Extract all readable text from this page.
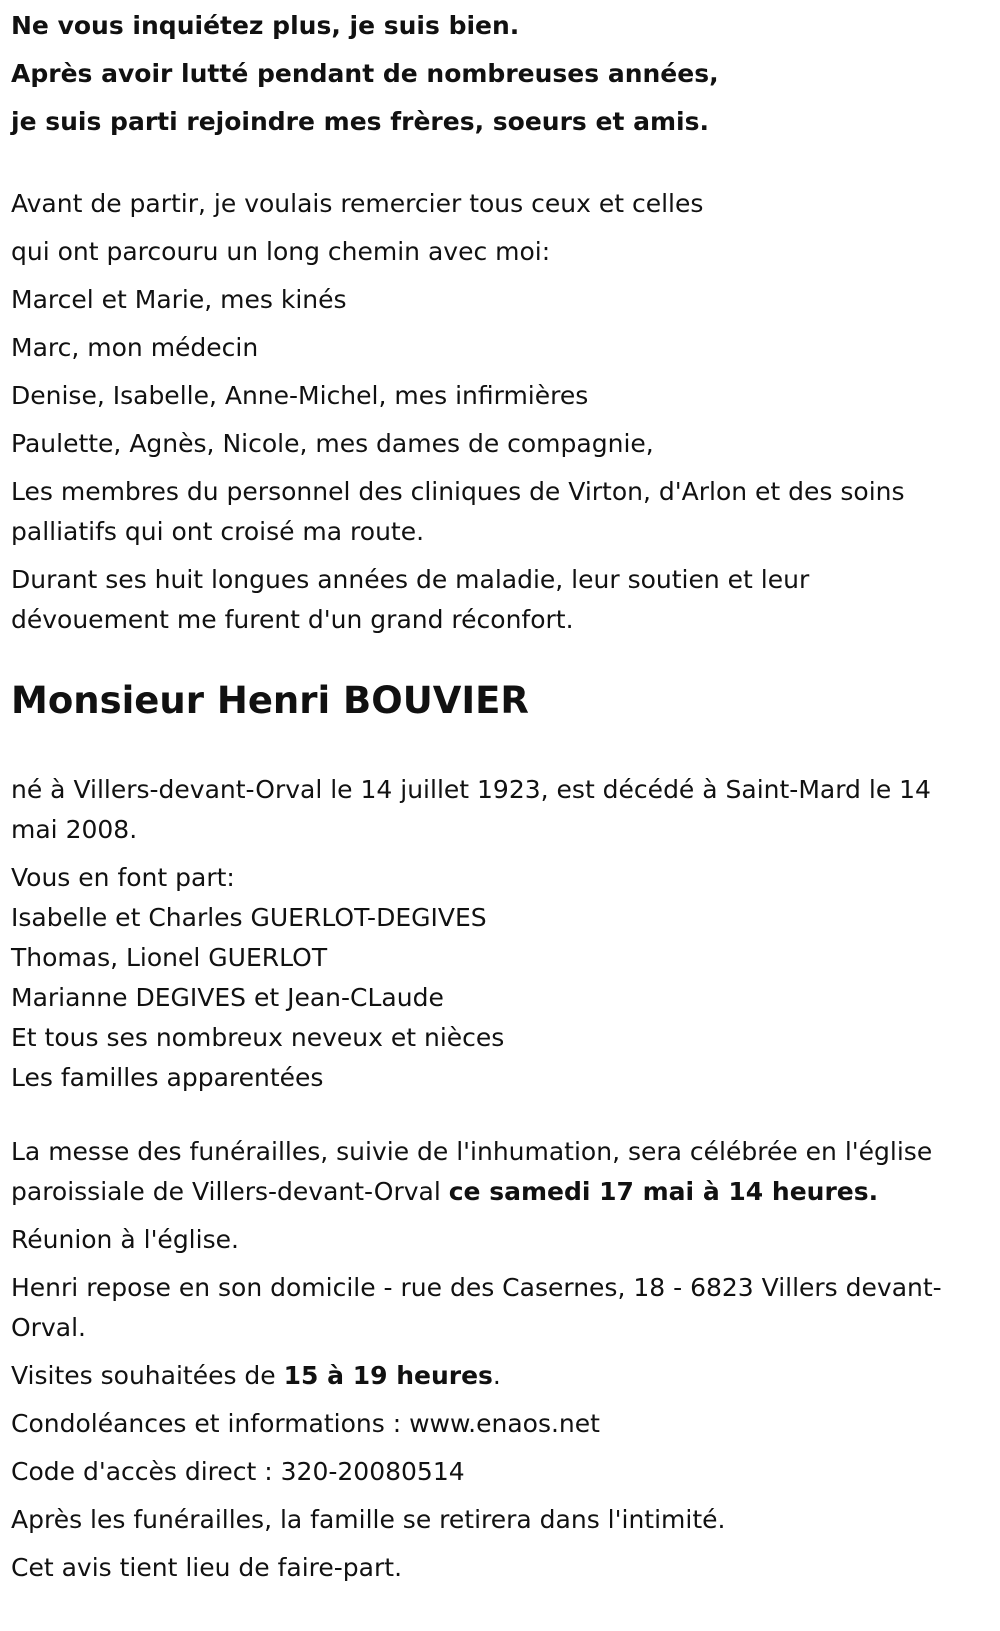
Ne vous inquiétez plus, je suis bien.
Après avoir lutté pendant de nombreuses années,
je suis parti rejoindre mes frères, soeurs et amis.
Avant de partir, je voulais remercier tous ceux et celles
qui ont parcouru un long chemin avec moi:
Marcel et Marie, mes kinés
Marc, mon médecin
Denise, Isabelle, Anne-Michel, mes infirmières
Paulette, Agnès, Nicole, mes dames de compagnie,
Les membres du personnel des cliniques de Virton, d'Arlon et des soins palliatifs qui ont croisé ma route.
Durant ses huit longues années de maladie, leur soutien et leur dévouement me furent d'un grand réconfort.
Monsieur Henri BOUVIER
né à Villers-devant-Orval le 14 juillet 1923, est décédé à Saint-Mard le 14 mai 2008.
Vous en font part:
Isabelle et Charles GUERLOT-DEGIVES
Thomas, Lionel GUERLOT
Marianne DEGIVES et Jean-CLaude
Et tous ses nombreux neveux et nièces
Les familles apparentées
La messe des funérailles, suivie de l'inhumation, sera célébrée en l'église paroissiale de Villers-devant-Orval ce samedi 17 mai à 14 heures.
Réunion à l'église.
Henri repose en son domicile - rue des Casernes, 18 - 6823 Villers devant-Orval.
Visites souhaitées de 15 à 19 heures.
Condoléances et informations : www.enaos.net
Code d'accès direct : 320-20080514
Après les funérailles, la famille se retirera dans l'intimité.
Cet avis tient lieu de faire-part.
